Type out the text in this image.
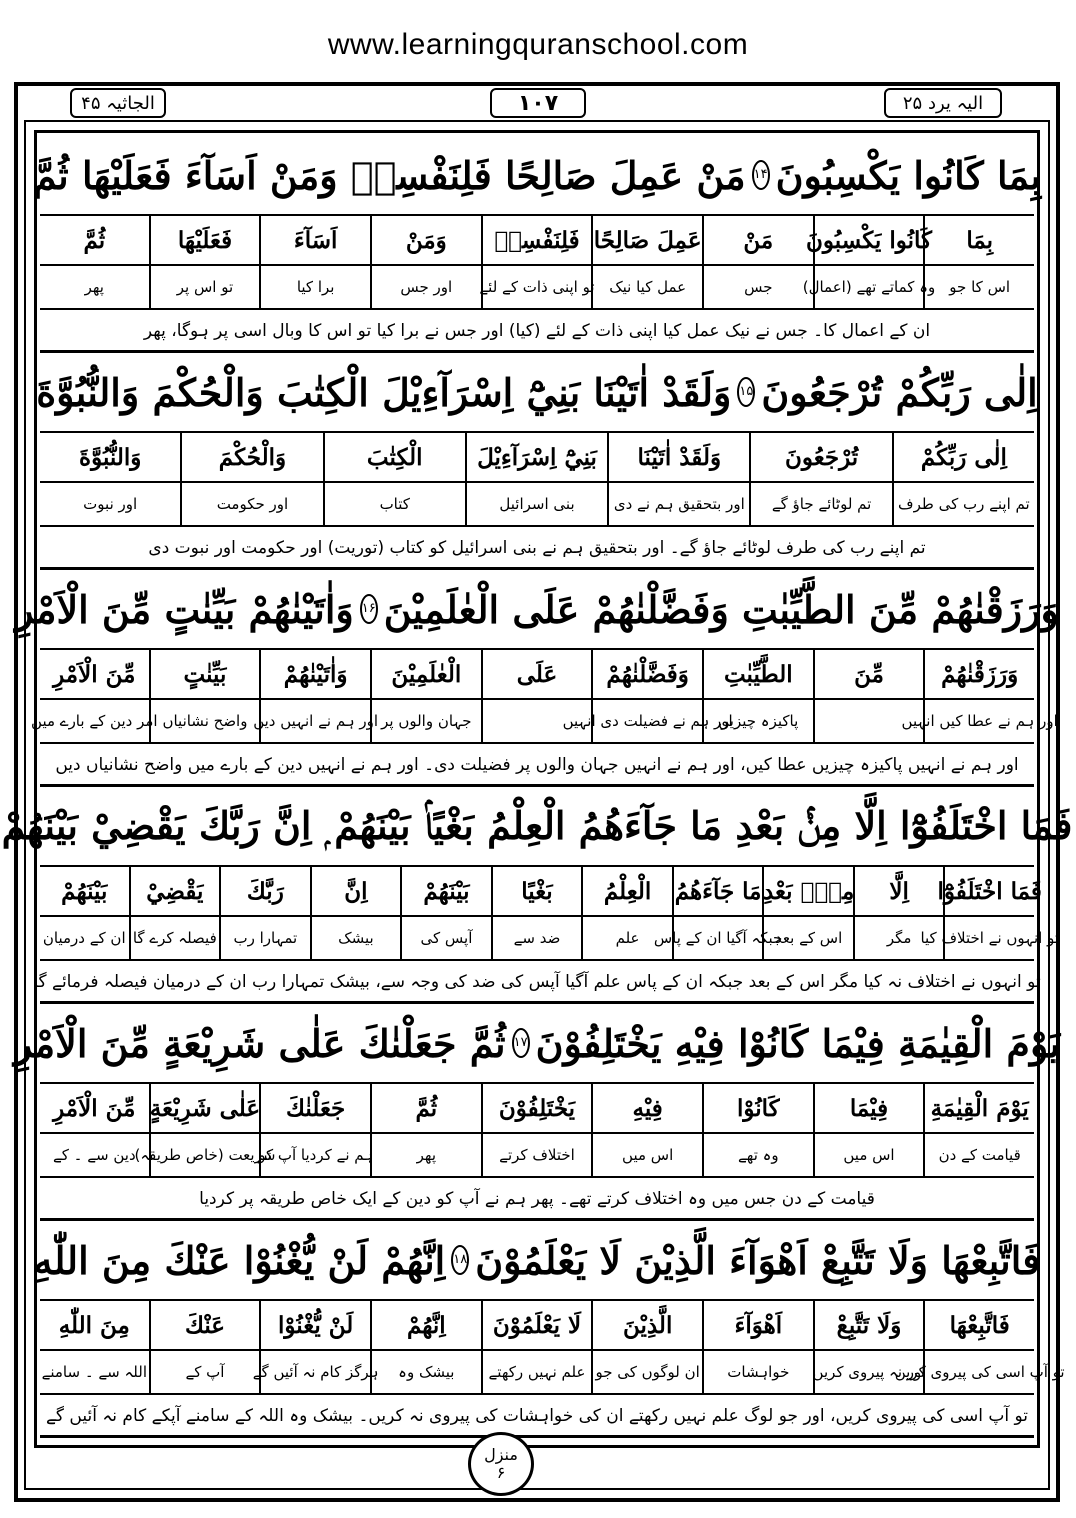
www.learningquranschool.com
الجاثيہ ۴۵	۱۰۷	الیہ یرد ۲۵
بِمَا كَانُوا يَكْسِبُونَ
۱۴
مَنْ عَمِلَ صَالِحًا فَلِنَفْسِهٖ وَمَنْ اَسَآءَ فَعَلَيْهَا ثُمَّ
بِمَا
كَانُوا يَكْسِبُونَ
مَنْ
عَمِلَ صَالِحًا
فَلِنَفْسِهٖ
وَمَنْ
اَسَآءَ
فَعَلَيْهَا
ثُمَّ
اس کا جو
وہ کماتے تھے (اعمال)
جس
عمل کیا نیک
تو اپنی ذات کے لئے
اور جس
برا کیا
تو اس پر
پھر
ان کے اعمال کا۔ جس نے نیک عمل کیا اپنی ذات کے لئے (کیا) اور جس نے برا کیا تو اس کا وبال اسی پر ہوگا، پھر
اِلٰى رَبِّكُمْ تُرْجَعُونَ
۱۵
وَلَقَدْ اٰتَيْنَا بَنِيْٓ اِسْرَآءِيْلَ الْكِتٰبَ وَالْحُكْمَ وَالنُّبُوَّةَ
اِلٰى رَبِّكُمْ
تُرْجَعُونَ
وَلَقَدْ اٰتَيْنَا
بَنِيْٓ اِسْرَآءِيْلَ
الْكِتٰبَ
وَالْحُكْمَ
وَالنُّبُوَّةَ
تم اپنے رب کی طرف
تم لوٹائے جاؤ گے
اور بتحقیق ہم نے دی
بنی اسرائیل
کتاب
اور حکومت
اور نبوت
تم اپنے رب کی طرف لوٹائے جاؤ گے۔ اور بتحقیق ہم نے بنی اسرائیل کو کتاب (توریت) اور حکومت اور نبوت دی
وَرَزَقْنٰهُمْ مِّنَ الطَّيِّبٰتِ وَفَضَّلْنٰهُمْ عَلَى الْعٰلَمِيْنَ
۱۶
وَاٰتَيْنٰهُمْ بَيِّنٰتٍ مِّنَ الْاَمْرِ
وَرَزَقْنٰهُمْ
مِّنَ
الطَّيِّبٰتِ
وَفَضَّلْنٰهُمْ
عَلَى
الْعٰلَمِيْنَ
وَاٰتَيْنٰهُمْ
بَيِّنٰتٍ
مِّنَ الْاَمْرِ
اور ہم نے عطا کیں انہیں
پاکیزہ چیزیں
اور ہم نے فضیلت دی انہیں
جہان والوں پر
اور ہم نے انہیں دیں
واضح نشانیاں
امر دین کے بارے میں
اور ہم نے انہیں پاکیزہ چیزیں عطا کیں، اور ہم نے انہیں جہان والوں پر فضیلت دی۔ اور ہم نے انہیں دین کے بارے میں واضح نشانیاں دیں
فَمَا اخْتَلَفُوْٓا اِلَّا مِنْۢ بَعْدِ مَا جَآءَهُمُ الْعِلْمُ بَغْيًاۢ بَيْنَهُمْ ۭ اِنَّ رَبَّكَ يَقْضِيْ بَيْنَهُمْ
فَمَا اخْتَلَفُوْٓا
اِلَّا
مِنْۢ بَعْدِ
مَا جَآءَهُمُ
الْعِلْمُ
بَغْيًا
بَيْنَهُمْ
اِنَّ
رَبَّكَ
يَقْضِيْ
بَيْنَهُمْ
تو انہوں نے اختلاف کیا
مگر
اس کے بعد
جبکہ آگیا ان کے پاس
علم
ضد سے
آپس کی
بیشک
تمہارا رب
فیصلہ کرے گا
ان کے درمیان
تو انہوں نے اختلاف نہ کیا مگر اس کے بعد جبکہ ان کے پاس علم آگیا آپس کی ضد کی وجہ سے، بیشک تمہارا رب ان کے درمیان فیصلہ فرمائے گا
يَوْمَ الْقِيٰمَةِ فِيْمَا كَانُوْا فِيْهِ يَخْتَلِفُوْنَ
۱۷
ثُمَّ جَعَلْنٰكَ عَلٰى شَرِيْعَةٍ مِّنَ الْاَمْرِ
يَوْمَ الْقِيٰمَةِ
فِيْمَا
كَانُوْا
فِيْهِ
يَخْتَلِفُوْنَ
ثُمَّ
جَعَلْنٰكَ
عَلٰى شَرِيْعَةٍ
مِّنَ الْاَمْرِ
قیامت کے دن
اس میں
وہ تھے
اس میں
اختلاف کرتے
پھر
ہم نے کردیا آپ کو
شریعت (خاص طریقہ)
دین سے ۔ کے
قیامت کے دن جس میں وہ اختلاف کرتے تھے۔ پھر ہم نے آپ کو دین کے ایک خاص طریقہ پر کردیا
فَاتَّبِعْهَا وَلَا تَتَّبِعْ اَهْوَآءَ الَّذِيْنَ لَا يَعْلَمُوْنَ
۱۸
اِنَّهُمْ لَنْ يُّغْنُوْا عَنْكَ مِنَ اللّٰهِ
فَاتَّبِعْهَا
وَلَا تَتَّبِعْ
اَهْوَآءَ
الَّذِيْنَ
لَا يَعْلَمُوْنَ
اِنَّهُمْ
لَنْ يُّغْنُوْا
عَنْكَ
مِنَ اللّٰهِ
تو آپ اسی کی پیروی کریں
اور نہ پیروی کریں
خواہشات
ان لوگوں کی جو
علم نہیں رکھتے
بیشک وہ
ہرگز کام نہ آئیں گے
آپ کے
اللہ سے ۔ سامنے
تو آپ اسی کی پیروی کریں، اور جو لوگ علم نہیں رکھتے ان کی خواہشات کی پیروی نہ کریں۔ بیشک وہ اللہ کے سامنے آپکے کام نہ آئیں گے
منزل
۶
